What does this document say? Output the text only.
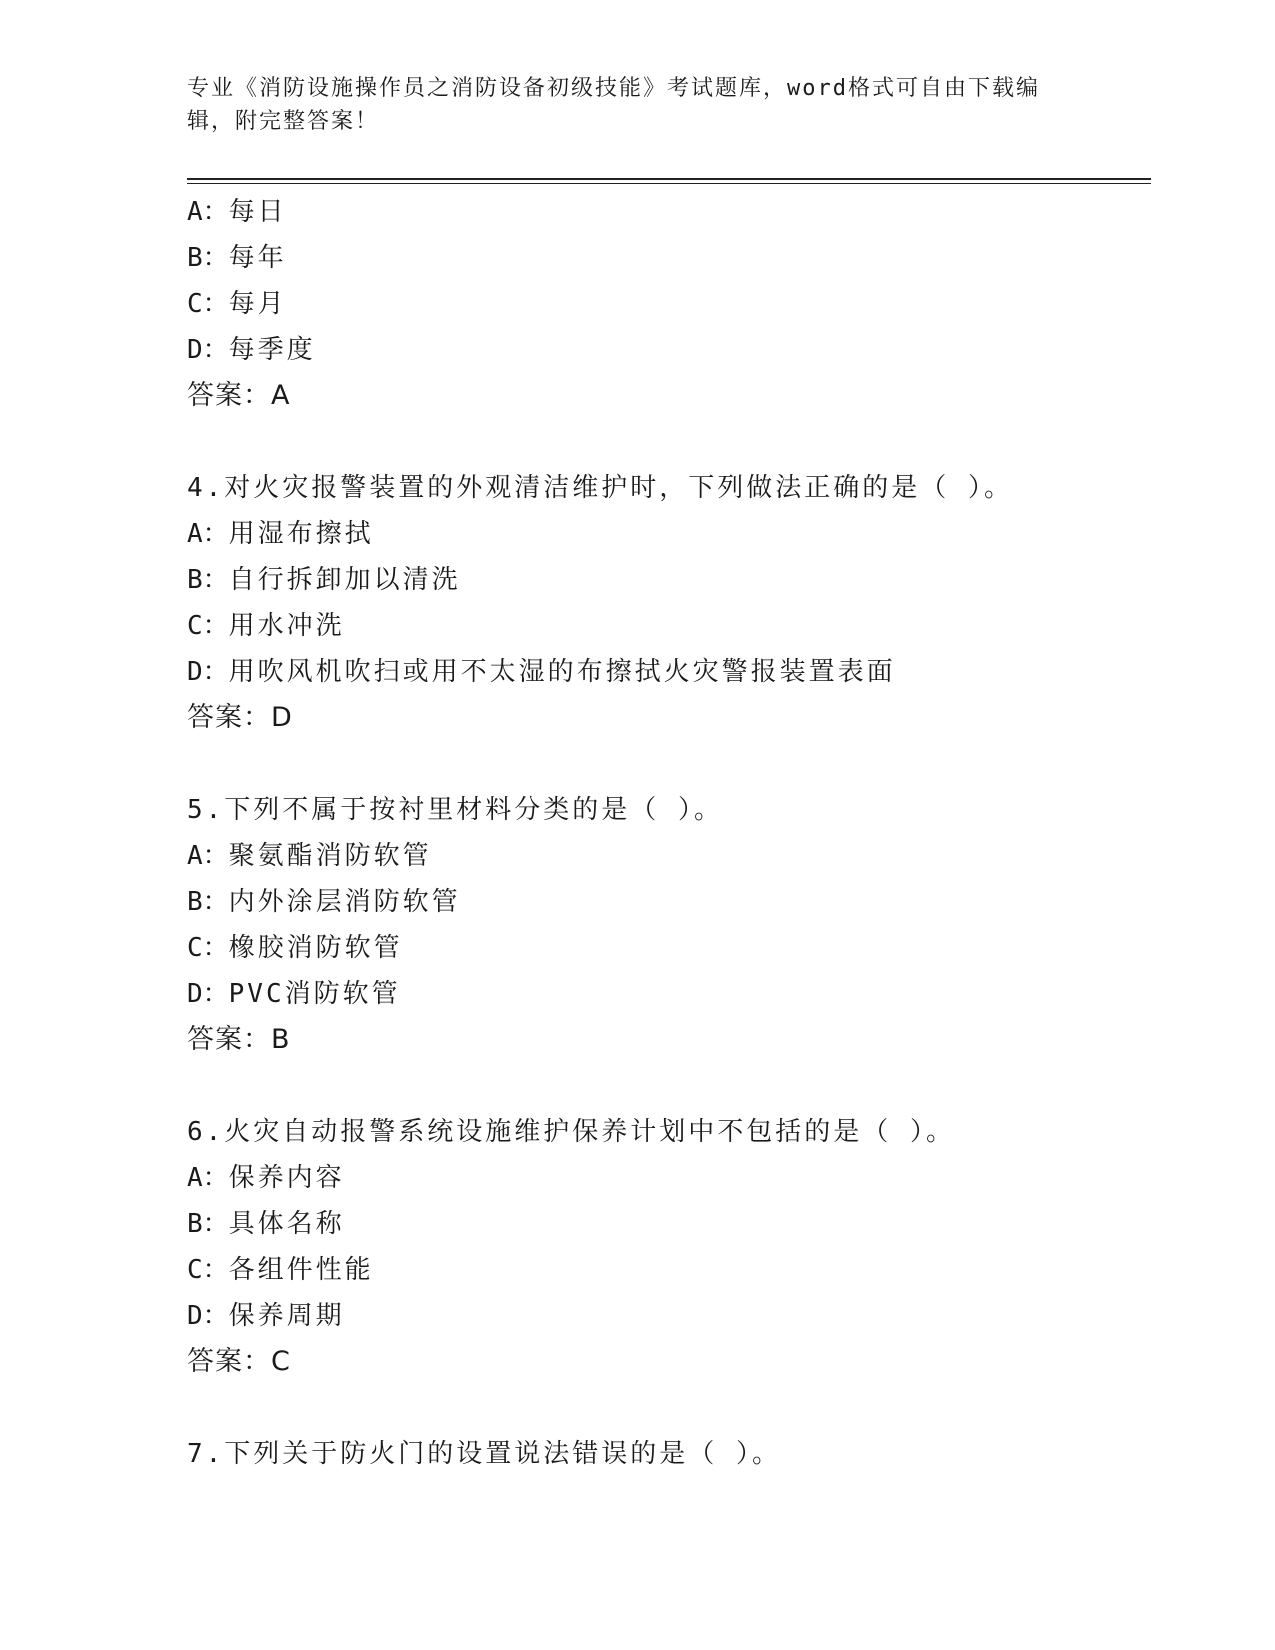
专业《消防设施操作员之消防设备初级技能》考试题库，word格式可自由下载编
辑，附完整答案！
A：每日
B：每年
C：每月
D：每季度
答案：A
4.对火灾报警装置的外观清洁维护时，下列做法正确的是（ ）。
A：用湿布擦拭
B：自行拆卸加以清洗
C：用水冲洗
D：用吹风机吹扫或用不太湿的布擦拭火灾警报装置表面
答案：D
5.下列不属于按衬里材料分类的是（ ）。
A：聚氨酯消防软管
B：内外涂层消防软管
C：橡胶消防软管
D：PVC消防软管
答案：B
6.火灾自动报警系统设施维护保养计划中不包括的是（ ）。
A：保养内容
B：具体名称
C：各组件性能
D：保养周期
答案：C
7.下列关于防火门的设置说法错误的是（ ）。
